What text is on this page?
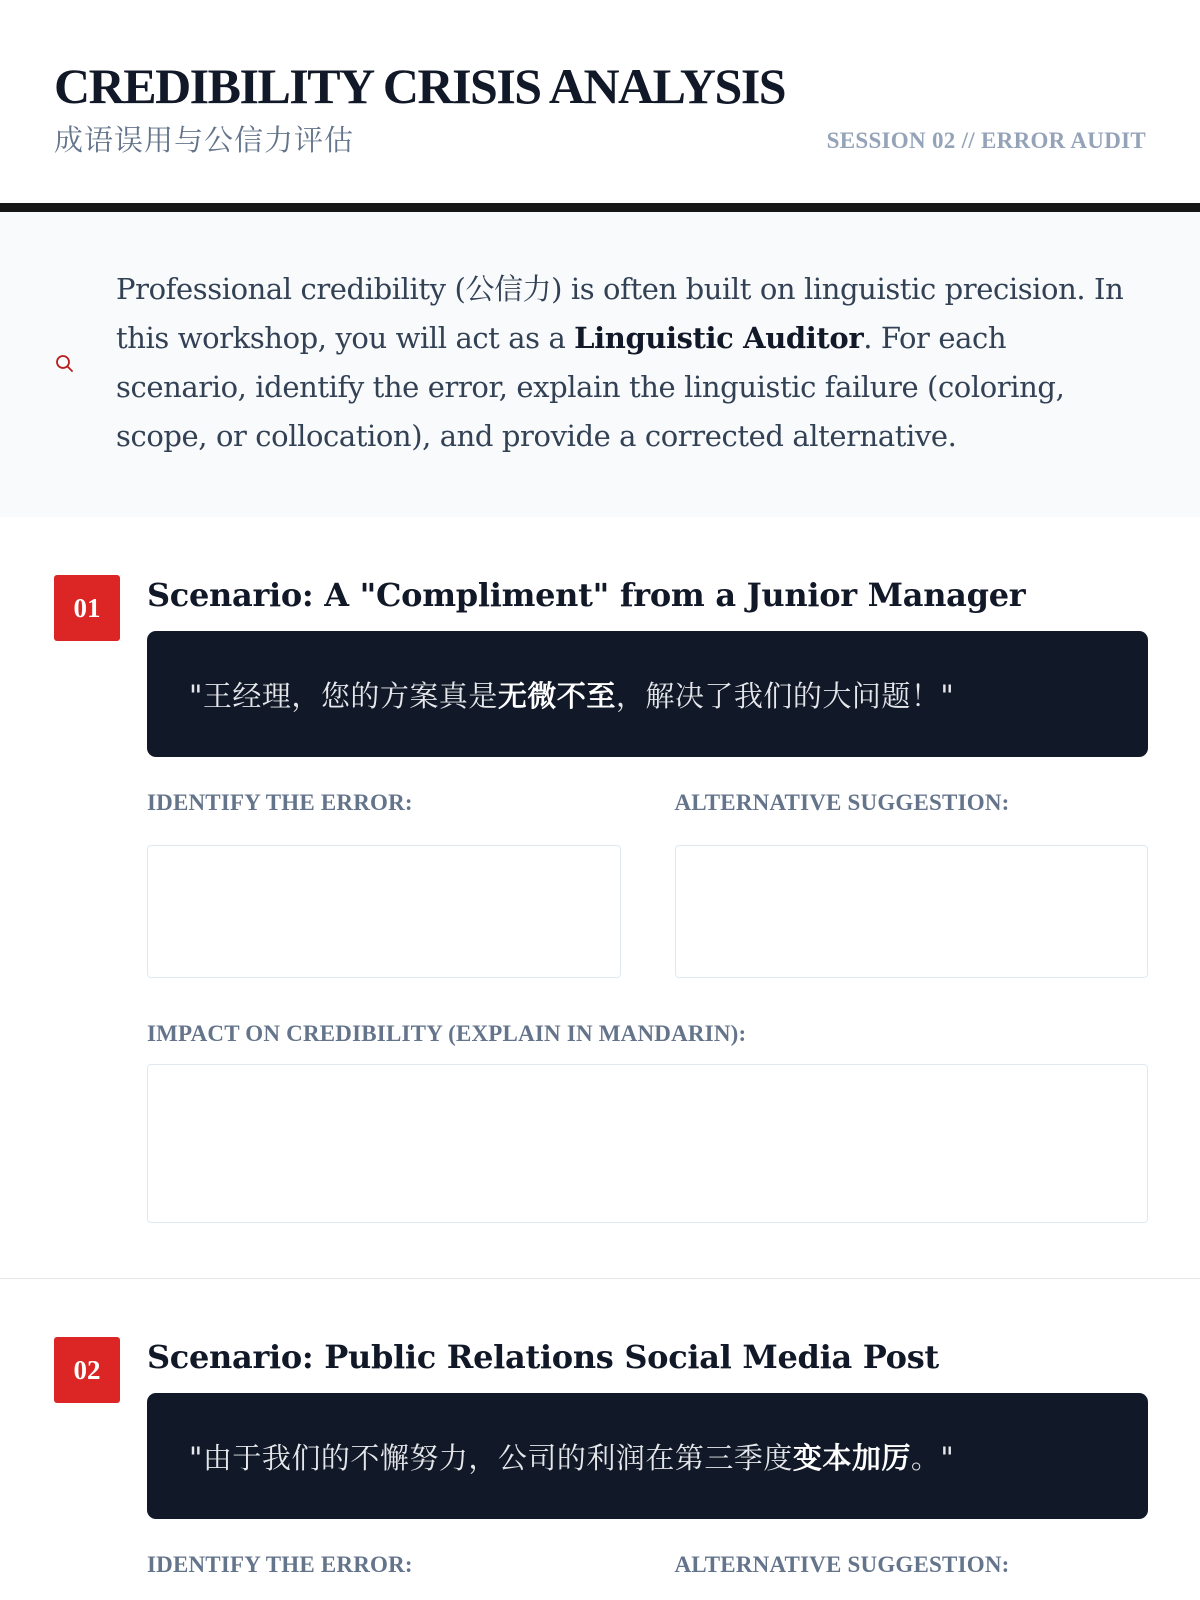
CREDIBILITY CRISIS ANALYSIS
成语误用与公信力评估	SESSION 02 // ERROR AUDIT

Professional credibility (公信力) is often built on linguistic precision. In this workshop, you will act as a Linguistic Auditor. For each scenario, identify the error, explain the linguistic failure (coloring, scope, or collocation), and provide a corrected alternative.

01	Scenario: A "Compliment" from a Junior Manager
"王经理，您的方案真是 无微不至 ，解决了我们的大问题！"
IDENTIFY THE ERROR:	ALTERNATIVE SUGGESTION:
IMPACT ON CREDIBILITY (EXPLAIN IN MANDARIN):
02	Scenario: Public Relations Social Media Post
"由于我们的不懈努力，公司的利润在第三季度 变本加厉 。"
IDENTIFY THE ERROR:	ALTERNATIVE SUGGESTION:
